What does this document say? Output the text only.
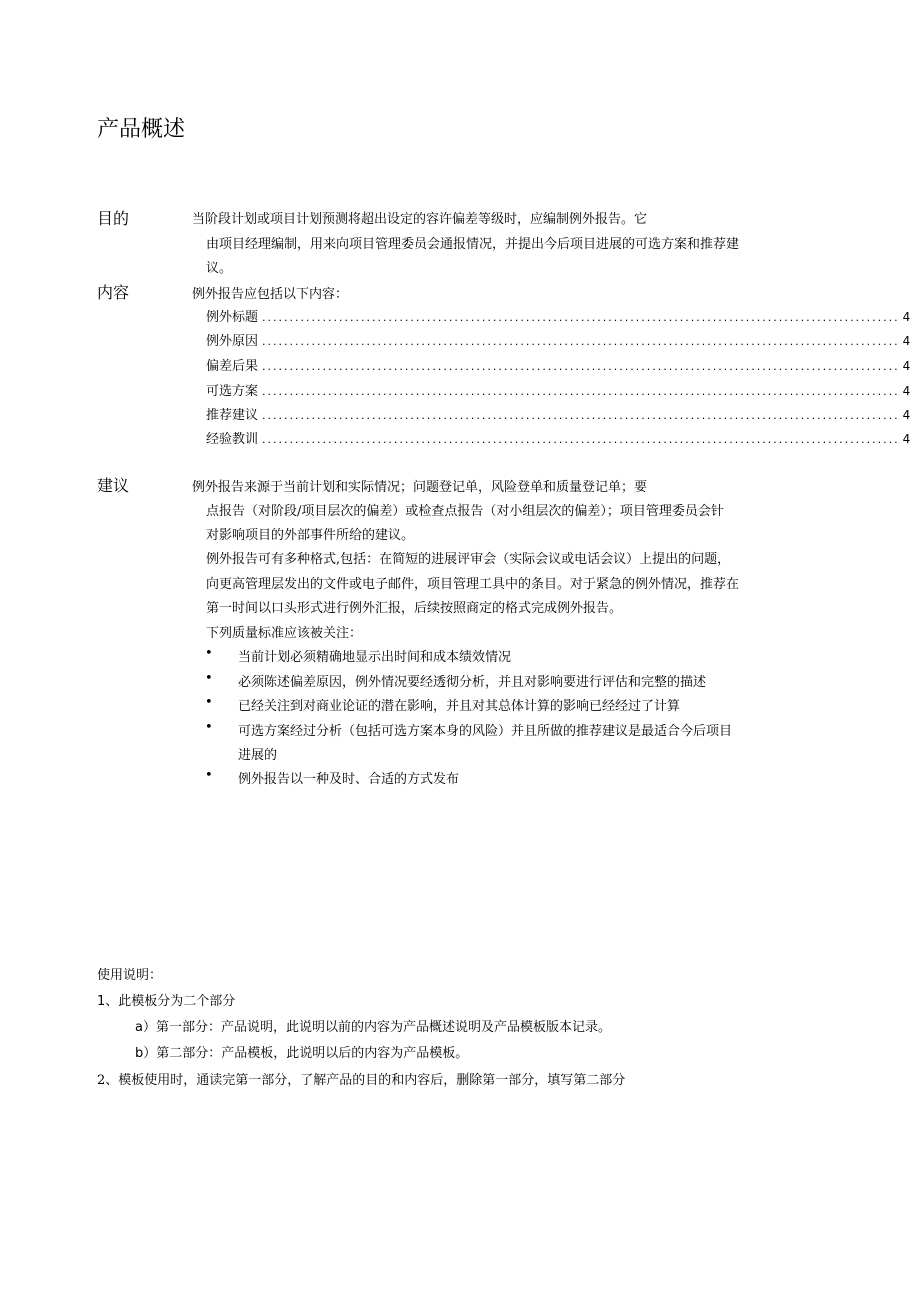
产品概述
目的	当阶段计划或项目计划预测将超出设定的容许偏差等级时，应编制例外报告。它
由项目经理编制，用来向项目管理委员会通报情况，并提出今后项目进展的可选方案和推荐建
议。
内容	例外报告应包括以下内容：
例外标题 .................................................................................................................... 4
例外原因 .................................................................................................................... 4
偏差后果 .................................................................................................................... 4
可选方案 .................................................................................................................... 4
推荐建议 .................................................................................................................... 4
经验教训 .................................................................................................................... 4
建议	例外报告来源于当前计划和实际情况；问题登记单，风险登单和质量登记单；要
点报告（对阶段/项目层次的偏差）或检查点报告（对小组层次的偏差）；项目管理委员会针
对影响项目的外部事件所给的建议。
例外报告可有多种格式,包括：在简短的进展评审会（实际会议或电话会议）上提出的问题，
向更高管理层发出的文件或电子邮件，项目管理工具中的条目。对于紧急的例外情况，推荐在
第一时间以口头形式进行例外汇报，后续按照商定的格式完成例外报告。
下列质量标准应该被关注：
• 当前计划必须精确地显示出时间和成本绩效情况
• 必须陈述偏差原因，例外情况要经透彻分析，并且对影响要进行评估和完整的描述
• 已经关注到对商业论证的潜在影响，并且对其总体计算的影响已经经过了计算
• 可选方案经过分析（包括可选方案本身的风险）并且所做的推荐建议是最适合今后项目
进展的
• 例外报告以一种及时、合适的方式发布
使用说明：
1、此模板分为二个部分
a）第一部分：产品说明，此说明以前的内容为产品概述说明及产品模板版本记录。
b）第二部分：产品模板，此说明以后的内容为产品模板。
2、模板使用时，通读完第一部分，了解产品的目的和内容后，删除第一部分，填写第二部分
